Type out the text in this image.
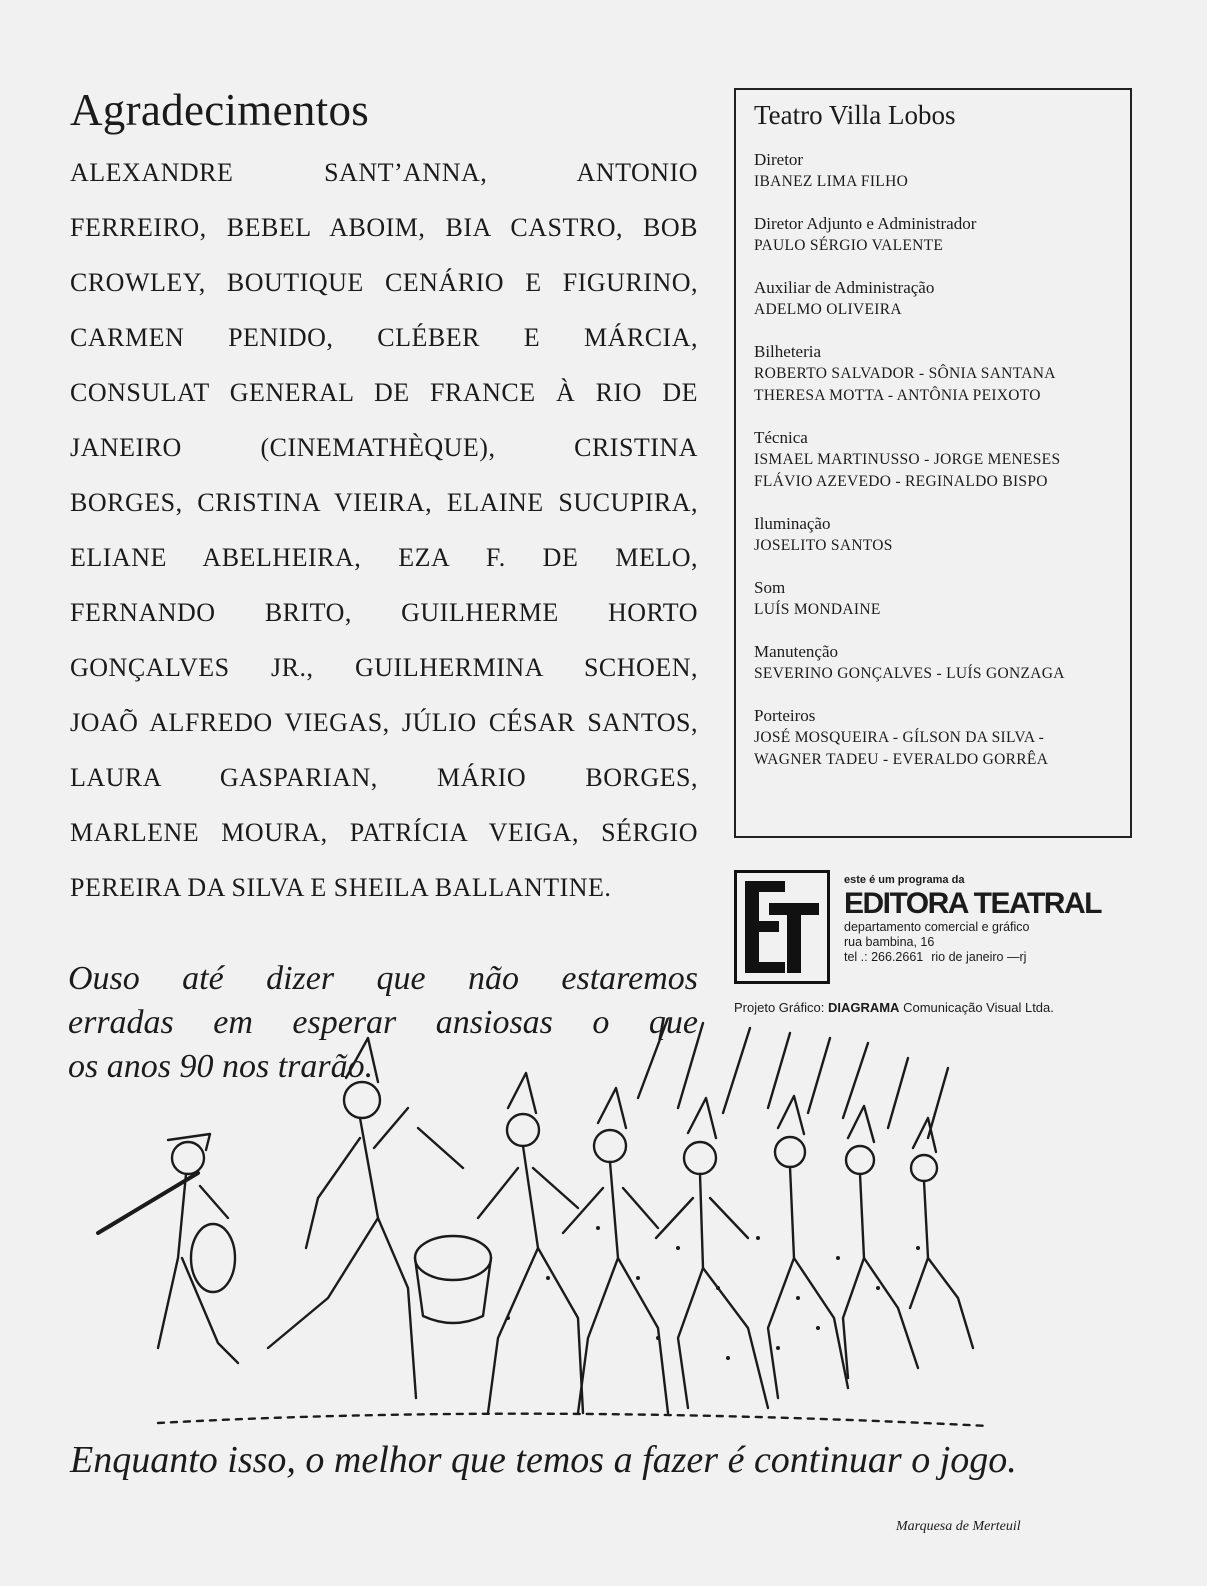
Agradecimentos
ALEXANDRE SANT’ANNA, ANTONIO
FERREIRO, BEBEL ABOIM, BIA CASTRO, BOB
CROWLEY, BOUTIQUE CENÁRIO E FIGURINO,
CARMEN PENIDO, CLÉBER E MÁRCIA,
CONSULAT GENERAL DE FRANCE À RIO DE
JANEIRO (CINEMATHÈQUE), CRISTINA
BORGES, CRISTINA VIEIRA, ELAINE SUCUPIRA,
ELIANE ABELHEIRA, EZA F. DE MELO,
FERNANDO BRITO, GUILHERME HORTO
GONÇALVES JR., GUILHERMINA SCHOEN,
JOAÕ ALFREDO VIEGAS, JÚLIO CÉSAR SANTOS,
LAURA GASPARIAN, MÁRIO BORGES,
MARLENE MOURA, PATRÍCIA VEIGA, SÉRGIO
PEREIRA DA SILVA E SHEILA BALLANTINE.
Teatro Villa Lobos
Diretor
IBANEZ LIMA FILHO
Diretor Adjunto e Administrador
PAULO SÉRGIO VALENTE
Auxiliar de Administração
ADELMO OLIVEIRA
Bilheteria
ROBERTO SALVADOR - SÔNIA SANTANA
THERESA MOTTA - ANTÔNIA PEIXOTO
Técnica
ISMAEL MARTINUSSO - JORGE MENESES
FLÁVIO AZEVEDO - REGINALDO BISPO
Iluminação
JOSELITO SANTOS
Som
LUÍS MONDAINE
Manutenção
SEVERINO GONÇALVES - LUÍS GONZAGA
Porteiros
JOSÉ MOSQUEIRA - GÍLSON DA SILVA -
WAGNER TADEU - EVERALDO GORRÊA
este é um programa da
EDITORA TEATRAL
departamento comercial e gráfico
rua bambina, 16
tel .: 266.2661 rio de janeiro —rj
Projeto Gráfico: DIAGRAMA Comunicação Visual Ltda.
Ouso até dizer que não estaremos
erradas em esperar ansiosas o que
os anos 90 nos trarão.
Enquanto isso, o melhor que temos a fazer é continuar o jogo.
Marquesa de Merteuil
